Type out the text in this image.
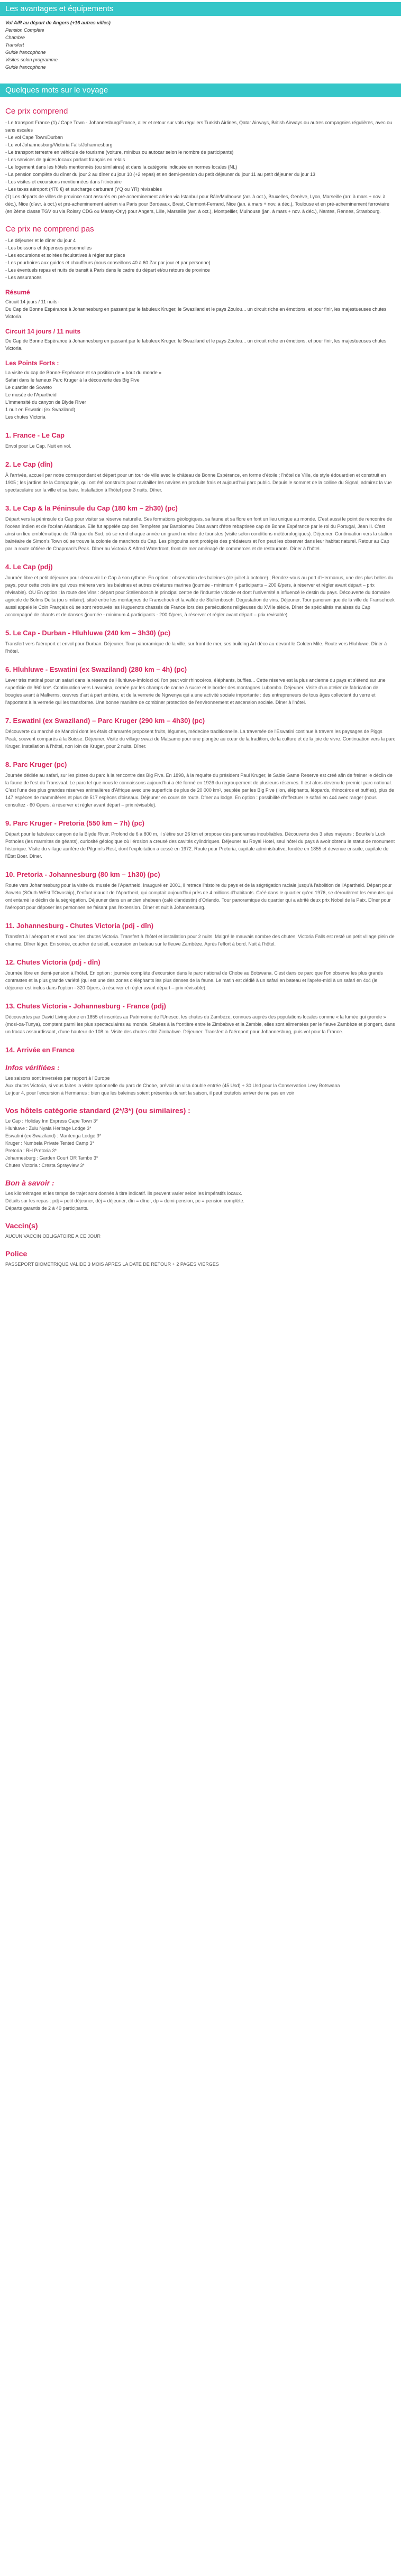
Les avantages et équipements
Vol A/R au départ de Angers (+16 autres villes)
Pension Complète
Chambre
Transfert
Guide francophone
Visites selon programme
Guide francophone
Quelques mots sur le voyage
Ce prix comprend

- Le transport France (1) / Cape Town - Johannesburg/France, aller et retour sur vols réguliers Turkish Airlines, Qatar Airways, British Airways ou autres compagnies régulières, avec ou sans escales
- Le vol Cape Town/Durban
- Le vol Johannesburg/Victoria Falls/Johannesburg
- Le transport terrestre en véhicule de tourisme (voiture, minibus ou autocar selon le nombre de participants)
- Les services de guides locaux parlant français en relais
- Le logement dans les hôtels mentionnés (ou similaires) et dans la catégorie indiquée en normes locales (NL)
- La pension complète du dîner du jour 2 au dîner du jour 10 (+2 repas) et en demi-pension du petit déjeuner du jour 11 au petit déjeuner du jour 13
- Les visites et excursions mentionnées dans l'itinéraire
- Les taxes aéroport (470 €) et surcharge carburant (YQ ou YR) révisables
(1) Les départs de villes de province sont assurés en pré-acheminement aérien via Istanbul pour Bâle/Mulhouse (arr. à oct.), Bruxelles, Genève, Lyon, Marseille (arr. à mars + nov. à déc.), Nice (d'avr. à oct.) et pré-acheminement aérien via Paris pour Bordeaux, Brest, Clermont-Ferrand, Nice (jan. à mars + nov. à déc.), Toulouse et en pré-acheminement ferroviaire (en 2ème classe TGV ou via Roissy CDG ou Massy-Orly) pour Angers, Lille, Marseille (avr. à oct.), Montpellier, Mulhouse (jan. à mars + nov. à déc.), Nantes, Rennes, Strasbourg.

Ce prix ne comprend pas

- Le déjeuner et le dîner du jour 4
- Les boissons et dépenses personnelles
- Les excursions et soirées facultatives à régler sur place
- Les pourboires aux guides et chauffeurs (nous conseillons 40 à 60 Zar par jour et par personne)
- Les éventuels repas et nuits de transit à Paris dans le cadre du départ et/ou retours de province
- Les assurances

Résumé

Circuit 14 jours / 11 nuits-
Du Cap de Bonne Espérance à Johannesburg en passant par le fabuleux Kruger, le Swaziland et le pays Zoulou... un circuit riche en émotions, et pour finir, les majestueuses chutes Victoria.

Circuit 14 jours / 11 nuits

Du Cap de Bonne Espérance à Johannesburg en passant par le fabuleux Kruger, le Swaziland et le pays Zoulou... un circuit riche en émotions, et pour finir, les majestueuses chutes Victoria.

Les Points Forts :

La visite du cap de Bonne-Espérance et sa position de « bout du monde »
Safari dans le fameux Parc Kruger à la découverte des Big Five
Le quartier de Soweto
Le musée de l'Apartheid
L'immensité du canyon de Blyde River
1 nuit en Eswatini (ex Swaziland)
Les chutes Victoria

1. France - Le Cap

Envol pour Le Cap. Nuit en vol.

2. Le Cap (dîn)

À l'arrivée, accueil par notre correspondant et départ pour un tour de ville avec le château de Bonne Espérance, en forme d'étoile ; l'hôtel de Ville, de style édouardien et construit en 1905 ; les jardins de la Compagnie, qui ont été construits pour ravitailler les navires en produits frais et aujourd'hui parc public. Depuis le sommet de la colline du Signal, admirez la vue spectaculaire sur la ville et sa baie. Installation à l'hôtel pour 3 nuits. Dîner.

3. Le Cap & la Péninsule du Cap (180 km – 2h30) (pc)

Départ vers la péninsule du Cap pour visiter sa réserve naturelle. Ses formations géologiques, sa faune et sa flore en font un lieu unique au monde. C'est aussi le point de rencontre de l'océan Indien et de l'océan Atlantique. Elle fut appelée cap des Tempêtes par Bartolomeu Dias avant d'être rebaptisée cap de Bonne Espérance par le roi du Portugal, Jean II. C'est ainsi un lieu emblématique de l'Afrique du Sud, où se rend chaque année un grand nombre de touristes (visite selon conditions météorologiques). Déjeuner. Continuation vers la station balnéaire de Simon's Town où se trouve la colonie de manchots du Cap. Les pingouins sont protégés des prédateurs et l'on peut les observer dans leur habitat naturel. Retour au Cap par la route côtière de Chapman's Peak. Dîner au Victoria & Alfred Waterfront, front de mer aménagé de commerces et de restaurants. Dîner à l'hôtel.

4. Le Cap (pdj)

Journée libre et petit déjeuner pour découvrir Le Cap à son rythme. En option : observation des baleines (de juillet à octobre) ; Rendez-vous au port d'Hermanus, une des plus belles du pays, pour cette croisière qui vous mènera vers les baleines et autres créatures marines (journée - minimum 4 participants – 200 €/pers, à réserver et régler avant départ – prix révisable). OU En option : la route des Vins : départ pour Stellenbosch le principal centre de l'industrie viticole et dont l'université a influencé le destin du pays. Découverte du domaine agricole de Solms Delta (ou similaire), situé entre les montagnes de Franschoek et la vallée de Stellenbosch. Dégustation de vins. Déjeuner. Tour panoramique de la ville de Franschoek aussi appelé le Coin Français où se sont retrouvés les Huguenots chassés de France lors des persécutions religieuses du XVIIe siècle. Dîner de spécialités malaises du Cap accompagné de chants et de danses (journée - minimum 4 participants - 200 €/pers, à réserver et régler avant départ – prix révisable).

5. Le Cap - Durban - Hluhluwe (240 km – 3h30) (pc)

Transfert vers l'aéroport et envol pour Durban. Déjeuner. Tour panoramique de la ville, sur front de mer, ses building Art déco au-devant le Golden Mile. Route vers Hluhluwe. Dîner à l'hôtel.

6. Hluhluwe - Eswatini (ex Swaziland) (280 km – 4h) (pc)

Lever très matinal pour un safari dans la réserve de Hluhluwe-Imfolozi où l'on peut voir rhinocéros, éléphants, buffles... Cette réserve est la plus ancienne du pays et s'étend sur une superficie de 960 km². Continuation vers Lavumisa, cernée par les champs de canne à sucre et le border des montagnes Lubombo. Déjeuner. Visite d'un atelier de fabrication de bougies avant à Malkerns, œuvres d'art à part entière, et de la verrerie de Ngwenya qui a une activité sociale importante : des entrepreneurs de tous âges collectent du verre et l'apportent à la verrerie qui les transforme. Une bonne manière de combiner protection de l'environnement et ascension sociale. Dîner à l'hôtel.

7. Eswatini (ex Swaziland) – Parc Kruger (290 km – 4h30) (pc)

Découverte du marché de Manzini dont les étals chamarrés proposent fruits, légumes, médecine traditionnelle. La traversée de l'Eswatini continue à travers les paysages de Piggs Peak, souvent comparés à la Suisse. Déjeuner. Visite du village swazi de Matsamo pour une plongée au cœur de la tradition, de la culture et de la joie de vivre. Continuation vers la parc Kruger. Installation à l'hôtel, non loin de Kruger, pour 2 nuits. Dîner.

8. Parc Kruger (pc)

Journée dédiée au safari, sur les pistes du parc à la rencontre des Big Five. En 1898, à la requête du président Paul Kruger, le Sabie Game Reserve est créé afin de freiner le déclin de la faune de l'est du Transvaal. Le parc tel que nous le connaissons aujourd'hui a été formé en 1926 du regroupement de plusieurs réserves. Il est alors devenu le premier parc national. C'est l'une des plus grandes réserves animalières d'Afrique avec une superficie de plus de 20 000 km², peuplée par les Big Five (lion, éléphants, léopards, rhinocéros et buffles), plus de 147 espèces de mammifères et plus de 517 espèces d'oiseaux. Déjeuner en cours de route. Dîner au lodge. En option : possibilité d'effectuer le safari en 4x4 avec ranger (nous consultez - 60 €/pers, à réserver et régler avant départ – prix révisable).

9. Parc Kruger - Pretoria (550 km – 7h) (pc)

Départ pour le fabuleux canyon de la Blyde River. Profond de 6 à 800 m, il s'étire sur 26 km et propose des panoramas inoubliables. Découverte des 3 sites majeurs : Bourke's Luck Potholes (les marmites de géants), curiosité géologique où l'érosion a creusé des cavités cylindriques. Déjeuner au Royal Hotel, seul hôtel du pays à avoir obtenu le statut de monument historique. Visite du village aurifère de Pilgrim's Rest, dont l'exploitation a cessé en 1972. Route pour Pretoria, capitale administrative, fondée en 1855 et devenue ensuite, capitale de l'État Boer. Dîner.

10. Pretoria - Johannesburg (80 km – 1h30) (pc)

Route vers Johannesburg pour la visite du musée de l'Apartheid. Inauguré en 2001, il retrace l'histoire du pays et de la ségrégation raciale jusqu'à l'abolition de l'Apartheid. Départ pour Soweto (SOuth WEst TOwnship), l'enfant maudit de l'Apartheid, qui comptait aujourd'hui près de 4 millions d'habitants. Créé dans le quartier qu'en 1976, se déroulèrent les émeutes qui ont entamé le déclin de la ségrégation. Déjeuner dans un ancien shebeen (café clandestin) d'Orlando. Tour panoramique du quartier qui a abrité deux prix Nobel de la Paix. Dîner pour l'aéroport pour déposer les personnes ne faisant pas l'extension. Dîner et nuit à Johannesburg.

11. Johannesburg - Chutes Victoria (pdj - dîn)

Transfert à l'aéroport et envol pour les chutes Victoria. Transfert à l'hôtel et installation pour 2 nuits. Malgré le mauvais nombre des chutes, Victoria Falls est resté un petit village plein de charme. Dîner léger. En soirée, coucher de soleil, excursion en bateau sur le fleuve Zambèze. Après l'effort à bord. Nuit à l'hôtel.

12. Chutes Victoria (pdj - dîn)

Journée libre en demi-pension à l'hôtel. En option : journée complète d'excursion dans le parc national de Chobe au Botswana. C'est dans ce parc que l'on observe les plus grands contrastes et la plus grande variété (qui est une des zones d'éléphants les plus denses de la faune. Le matin est dédié à un safari en bateau et l'après-midi à un safari en 4x4 (le déjeuner est inclus dans l'option - 320 €/pers, à réserver et régler avant départ – prix révisable).

13. Chutes Victoria - Johannesburg - France (pdj)

Découvertes par David Livingstone en 1855 et inscrites au Patrimoine de l'Unesco, les chutes du Zambèze, connues auprès des populations locales comme « la fumée qui gronde » (mosi-oa-Tunya), comptent parmi les plus spectaculaires au monde. Situées à la frontière entre le Zimbabwe et la Zambie, elles sont alimentées par le fleuve Zambèze et plongent, dans un fracas assourdissant, d'une hauteur de 108 m. Visite des chutes côté Zimbabwe. Déjeuner. Transfert à l'aéroport pour Johannesburg, puis vol pour la France.

14. Arrivée en France
Infos vérifiées :

Les saisons sont inversées par rapport à l'Europe
Aux chutes Victoria, si vous faites la visite optionnelle du parc de Chobe, prévoir un visa double entrée (45 Usd) + 30 Usd pour la Conservation Levy Botswana
Le jour 4, pour l'excursion à Hermanus : bien que les baleines soient présentes durant la saison, il peut toutefois arriver de ne pas en voir

Vos hôtels catégorie standard (2*/3*) (ou similaires) :

Le Cap : Holiday Inn Express Cape Town 3*
Hluhluwe : Zulu Nyala Heritage Lodge 3*
Eswatini (ex Swaziland) : Mantenga Lodge 3*
Kruger : Numbela Private Tented Camp 3*
Pretoria : RH Pretoria 3*
Johannesburg : Garden Court OR Tambo 3*
Chutes Victoria : Cresta Sprayview 3*

Bon à savoir :

Les kilométrages et les temps de trajet sont donnés à titre indicatif. Ils peuvent varier selon les impératifs locaux.
Détails sur les repas : pdj = petit déjeuner, déj = déjeuner, dîn = dîner, dp = demi-pension, pc = pension complète.
Départs garantis de 2 à 40 participants.

Vaccin(s)

AUCUN VACCIN OBLIGATOIRE A CE JOUR

Police

PASSEPORT BIOMETRIQUE VALIDE 3 MOIS APRES LA DATE DE RETOUR + 2 PAGES VIERGES
